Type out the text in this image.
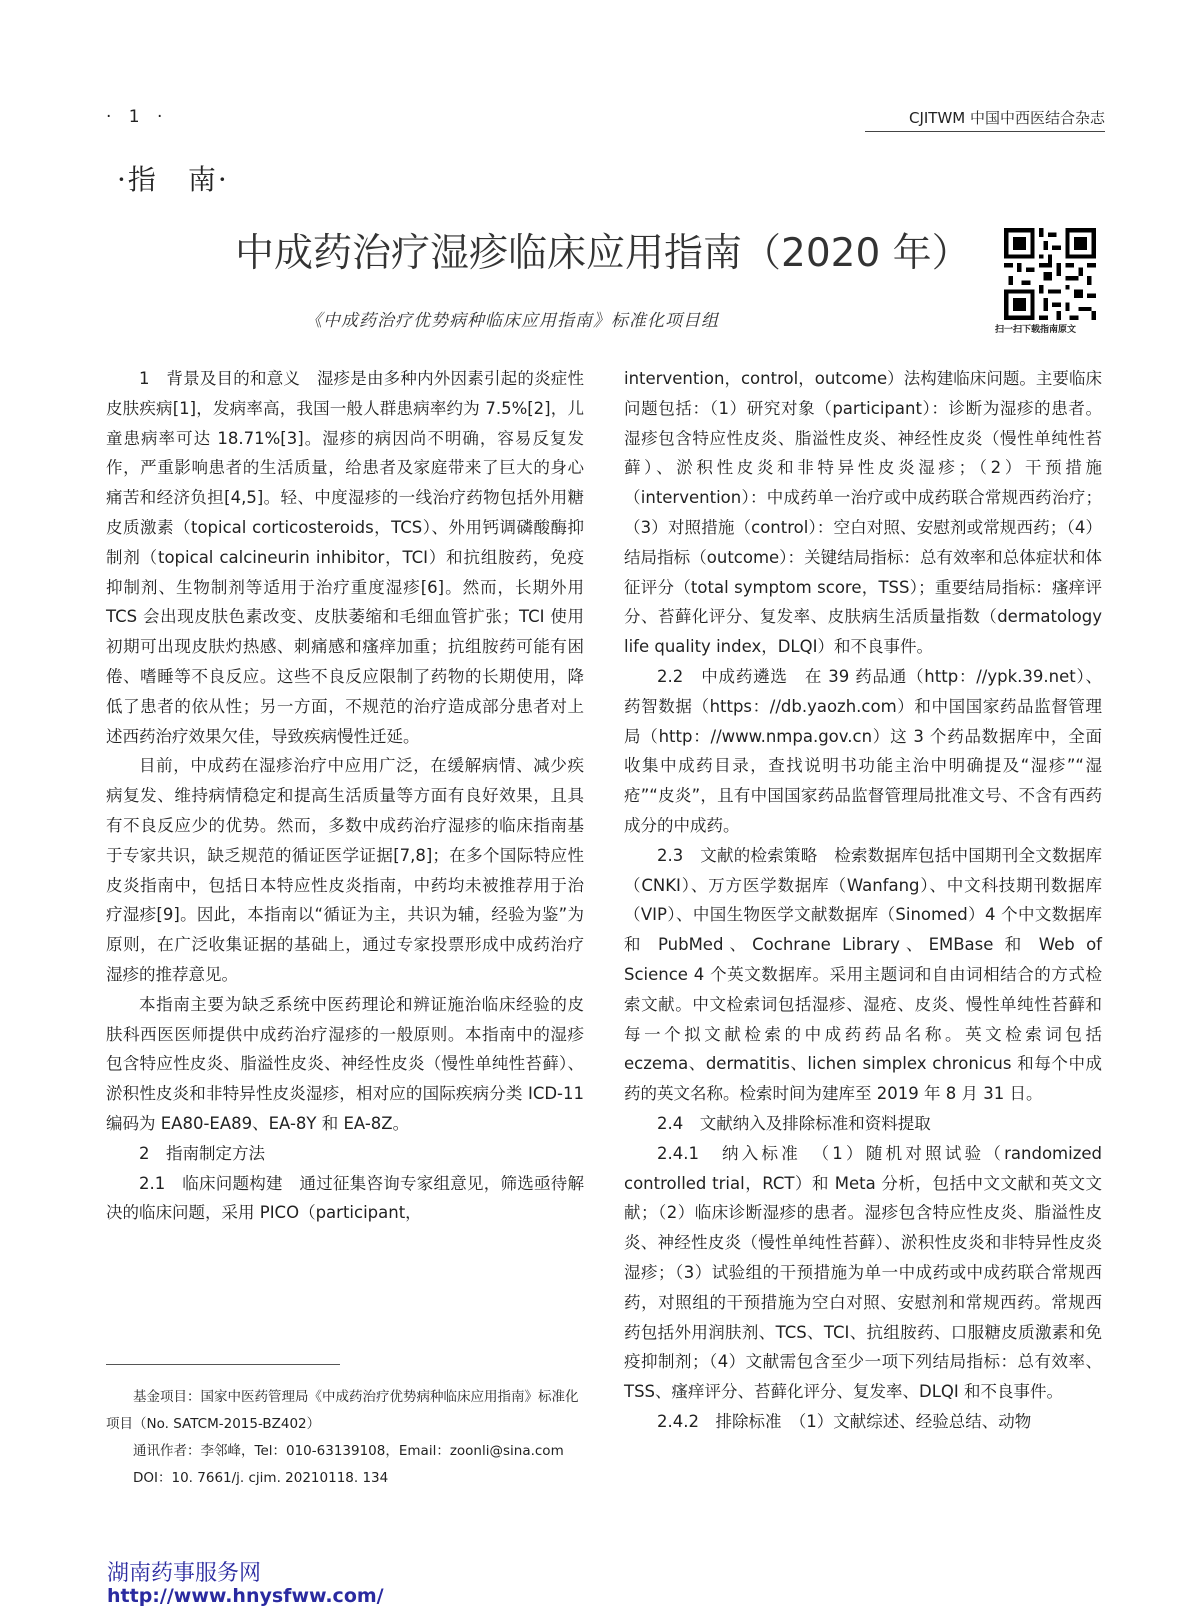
· 1 ·	CJITWM 中国中西医结合杂志
·指　南·
中成药治疗湿疹临床应用指南（2020 年）
扫一扫下载指南原文
《中成药治疗优势病种临床应用指南》标准化项目组

1　背景及目的和意义　湿疹是由多种内外因素引起的炎症性皮肤疾病[1]，发病率高，我国一般人群患病率约为 7.5%[2]，儿童患病率可达 18.71%[3]。湿疹的病因尚不明确，容易反复发作，严重影响患者的生活质量，给患者及家庭带来了巨大的身心痛苦和经济负担[4,5]。轻、中度湿疹的一线治疗药物包括外用糖皮质激素（topical corticosteroids，TCS）、外用钙调磷酸酶抑制剂（topical calcineurin inhibitor，TCI）和抗组胺药，免疫抑制剂、生物制剂等适用于治疗重度湿疹[6]。然而，长期外用 TCS 会出现皮肤色素改变、皮肤萎缩和毛细血管扩张；TCI 使用初期可出现皮肤灼热感、刺痛感和瘙痒加重；抗组胺药可能有困倦、嗜睡等不良反应。这些不良反应限制了药物的长期使用，降低了患者的依从性；另一方面，不规范的治疗造成部分患者对上述西药治疗效果欠佳，导致疾病慢性迁延。

目前，中成药在湿疹治疗中应用广泛，在缓解病情、减少疾病复发、维持病情稳定和提高生活质量等方面有良好效果，且具有不良反应少的优势。然而，多数中成药治疗湿疹的临床指南基于专家共识，缺乏规范的循证医学证据[7,8]；在多个国际特应性皮炎指南中，包括日本特应性皮炎指南，中药均未被推荐用于治疗湿疹[9]。因此，本指南以“循证为主，共识为辅，经验为鉴”为原则，在广泛收集证据的基础上，通过专家投票形成中成药治疗湿疹的推荐意见。

本指南主要为缺乏系统中医药理论和辨证施治临床经验的皮肤科西医医师提供中成药治疗湿疹的一般原则。本指南中的湿疹包含特应性皮炎、脂溢性皮炎、神经性皮炎（慢性单纯性苔藓）、淤积性皮炎和非特异性皮炎湿疹，相对应的国际疾病分类 ICD-11 编码为 EA80-EA89、EA-8Y 和 EA-8Z。

2　指南制定方法

2.1　临床问题构建　通过征集咨询专家组意见，筛选亟待解决的临床问题，采用 PICO（participant，

intervention，control，outcome）法构建临床问题。主要临床问题包括：（1）研究对象（participant）：诊断为湿疹的患者。湿疹包含特应性皮炎、脂溢性皮炎、神经性皮炎（慢性单纯性苔藓）、淤积性皮炎和非特异性皮炎湿疹；（2）干预措施（intervention）：中成药单一治疗或中成药联合常规西药治疗；（3）对照措施（control）：空白对照、安慰剂或常规西药；（4）结局指标（outcome）：关键结局指标：总有效率和总体症状和体征评分（total symptom score，TSS）；重要结局指标：瘙痒评分、苔藓化评分、复发率、皮肤病生活质量指数（dermatology life quality index，DLQI）和不良事件。

2.2　中成药遴选　在 39 药品通（http：//ypk.39.net）、药智数据（https：//db.yaozh.com）和中国国家药品监督管理局（http：//www.nmpa.gov.cn）这 3 个药品数据库中，全面收集中成药目录，查找说明书功能主治中明确提及“湿疹”“湿疮”“皮炎”，且有中国国家药品监督管理局批准文号、不含有西药成分的中成药。

2.3　文献的检索策略　检索数据库包括中国期刊全文数据库（CNKI）、万方医学数据库（Wanfang）、中文科技期刊数据库（VIP）、中国生物医学文献数据库（Sinomed）4 个中文数据库和 PubMed、Cochrane Library、EMBase 和 Web of Science 4 个英文数据库。采用主题词和自由词相结合的方式检索文献。中文检索词包括湿疹、湿疮、皮炎、慢性单纯性苔藓和每一个拟文献检索的中成药药品名称。英文检索词包括 eczema、dermatitis、lichen simplex chronicus 和每个中成药的英文名称。检索时间为建库至 2019 年 8 月 31 日。

2.4　文献纳入及排除标准和资料提取

2.4.1　纳入标准　（1）随机对照试验（randomized controlled trial，RCT）和 Meta 分析，包括中文文献和英文文献；（2）临床诊断湿疹的患者。湿疹包含特应性皮炎、脂溢性皮炎、神经性皮炎（慢性单纯性苔藓）、淤积性皮炎和非特异性皮炎湿疹；（3）试验组的干预措施为单一中成药或中成药联合常规西药，对照组的干预措施为空白对照、安慰剂和常规西药。常规西药包括外用润肤剂、TCS、TCI、抗组胺药、口服糖皮质激素和免疫抑制剂；（4）文献需包含至少一项下列结局指标：总有效率、TSS、瘙痒评分、苔藓化评分、复发率、DLQI 和不良事件。

2.4.2　排除标准　（1）文献综述、经验总结、动物

基金项目：国家中医药管理局《中成药治疗优势病种临床应用指南》标准化项目（No. SATCM-2015-BZ402）

通讯作者：李邻峰，Tel：010-63139108，Email：zoonli@sina.com

DOI：10. 7661/j. cjim. 20210118. 134

湖南药事服务网
http://www.hnysfww.com/
